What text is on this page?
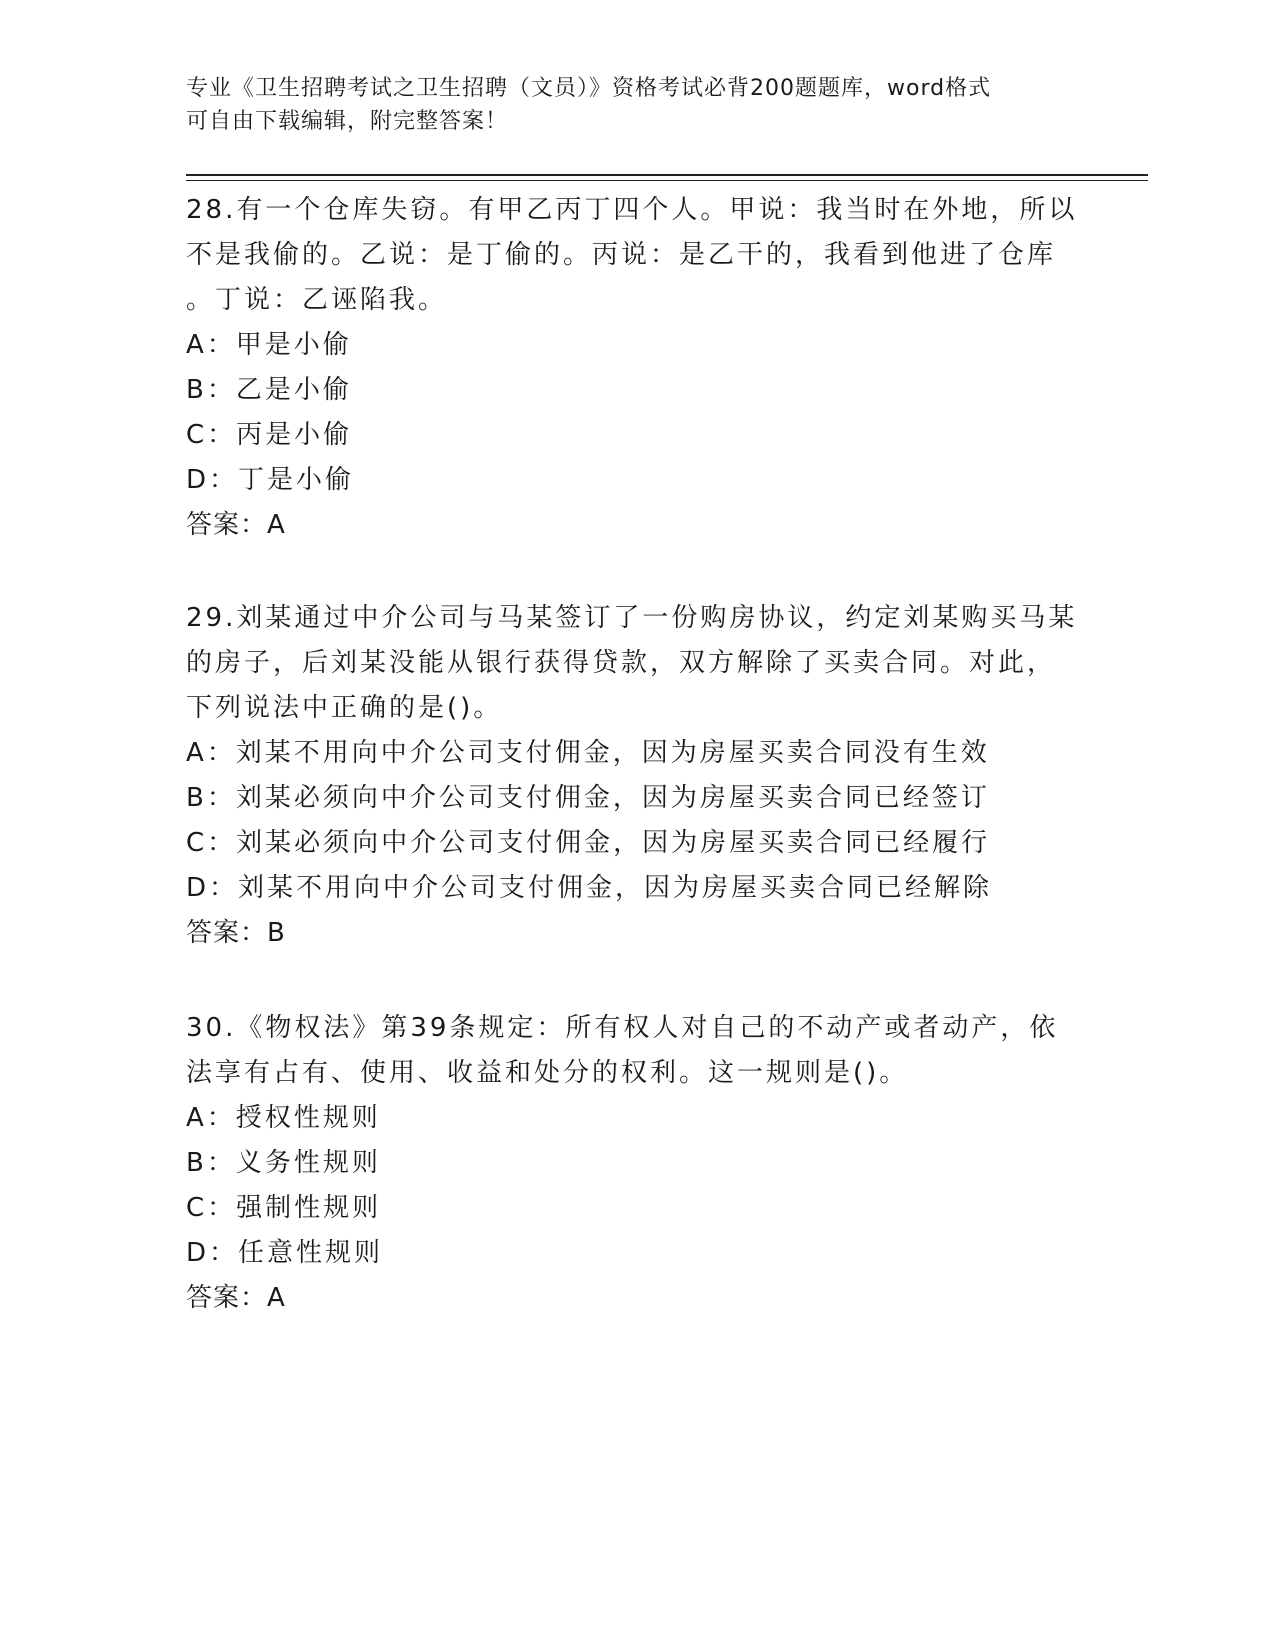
专业《卫生招聘考试之卫生招聘（文员）》资格考试必背200题题库，word格式
可自由下载编辑，附完整答案！
28.有一个仓库失窃。有甲乙丙丁四个人。甲说：我当时在外地，所以
不是我偷的。乙说：是丁偷的。丙说：是乙干的，我看到他进了仓库
。丁说：乙诬陷我。
A：甲是小偷
B：乙是小偷
C：丙是小偷
D：丁是小偷
答案：A
29.刘某通过中介公司与马某签订了一份购房协议，约定刘某购买马某
的房子，后刘某没能从银行获得贷款，双方解除了买卖合同。对此，
下列说法中正确的是()。
A：刘某不用向中介公司支付佣金，因为房屋买卖合同没有生效
B：刘某必须向中介公司支付佣金，因为房屋买卖合同已经签订
C：刘某必须向中介公司支付佣金，因为房屋买卖合同已经履行
D：刘某不用向中介公司支付佣金，因为房屋买卖合同已经解除
答案：B
30.《物权法》第39条规定：所有权人对自己的不动产或者动产，依
法享有占有、使用、收益和处分的权利。这一规则是()。
A：授权性规则
B：义务性规则
C：强制性规则
D：任意性规则
答案：A
